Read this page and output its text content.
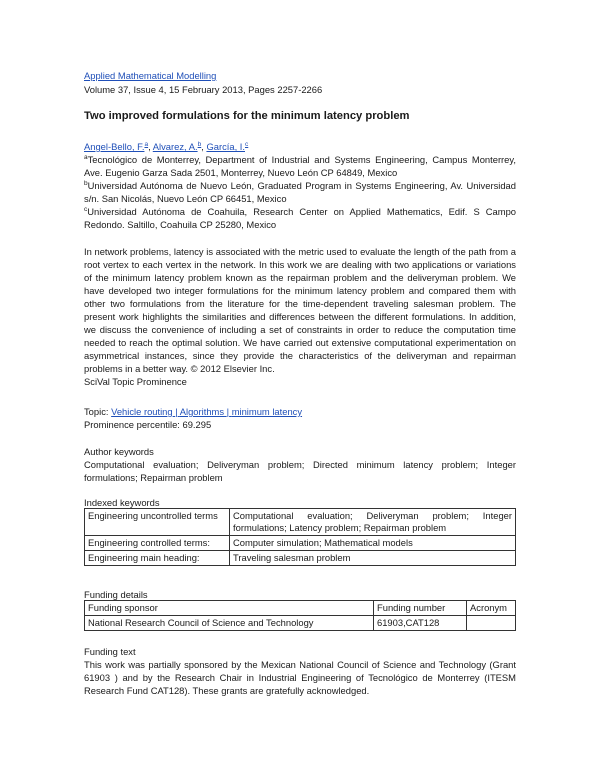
Applied Mathematical Modelling
Volume 37, Issue 4, 15 February 2013, Pages 2257-2266
Two improved formulations for the minimum latency problem
Angel-Bello, F.$^a$, Alvarez, A.$^b$, García, I.$^c$

$^a$Tecnológico de Monterrey, Department of Industrial and Systems Engineering, Campus Monterrey, Ave. Eugenio Garza Sada 2501, Monterrey, Nuevo León CP 64849, Mexico

$^b$Universidad Autónoma de Nuevo León, Graduated Program in Systems Engineering, Av. Universidad s/n. San Nicolás, Nuevo León CP 66451, Mexico

$^c$Universidad Autónoma de Coahuila, Research Center on Applied Mathematics, Edif. S Campo Redondo. Saltillo, Coahuila CP 25280, Mexico

In network problems, latency is associated with the metric used to evaluate the length of the path from a root vertex to each vertex in the network. In this work we are dealing with two applications or variations of the minimum latency problem known as the repairman problem and the deliveryman problem. We have developed two integer formulations for the minimum latency problem and compared them with other two formulations from the literature for the time-dependent traveling salesman problem. The present work highlights the similarities and differences between the different formulations. In addition, we discuss the convenience of including a set of constraints in order to reduce the computation time needed to reach the optimal solution. We have carried out extensive computational experimentation on asymmetrical instances, since they provide the characteristics of the deliveryman and repairman problems in a better way. © 2012 Elsevier Inc.
SciVal Topic Prominence
Topic: Vehicle routing | Algorithms | minimum latency
Prominence percentile: 69.295
Author keywords
Computational evaluation; Deliveryman problem; Directed minimum latency problem; Integer formulations; Repairman problem
Indexed keywords
Engineering uncontrolled terms	Computational evaluation; Deliveryman problem; Integer formulations; Latency problem; Repairman problem
Engineering controlled terms:	Computer simulation; Mathematical models
Engineering main heading:	Traveling salesman problem
Funding details
Funding sponsor	Funding number	Acronym
National Research Council of Science and Technology	61903,CAT128	
Funding text
This work was partially sponsored by the Mexican National Council of Science and Technology (Grant 61903 ) and by the Research Chair in Industrial Engineering of Tecnológico de Monterrey (ITESM Research Fund CAT128). These grants are gratefully acknowledged.
